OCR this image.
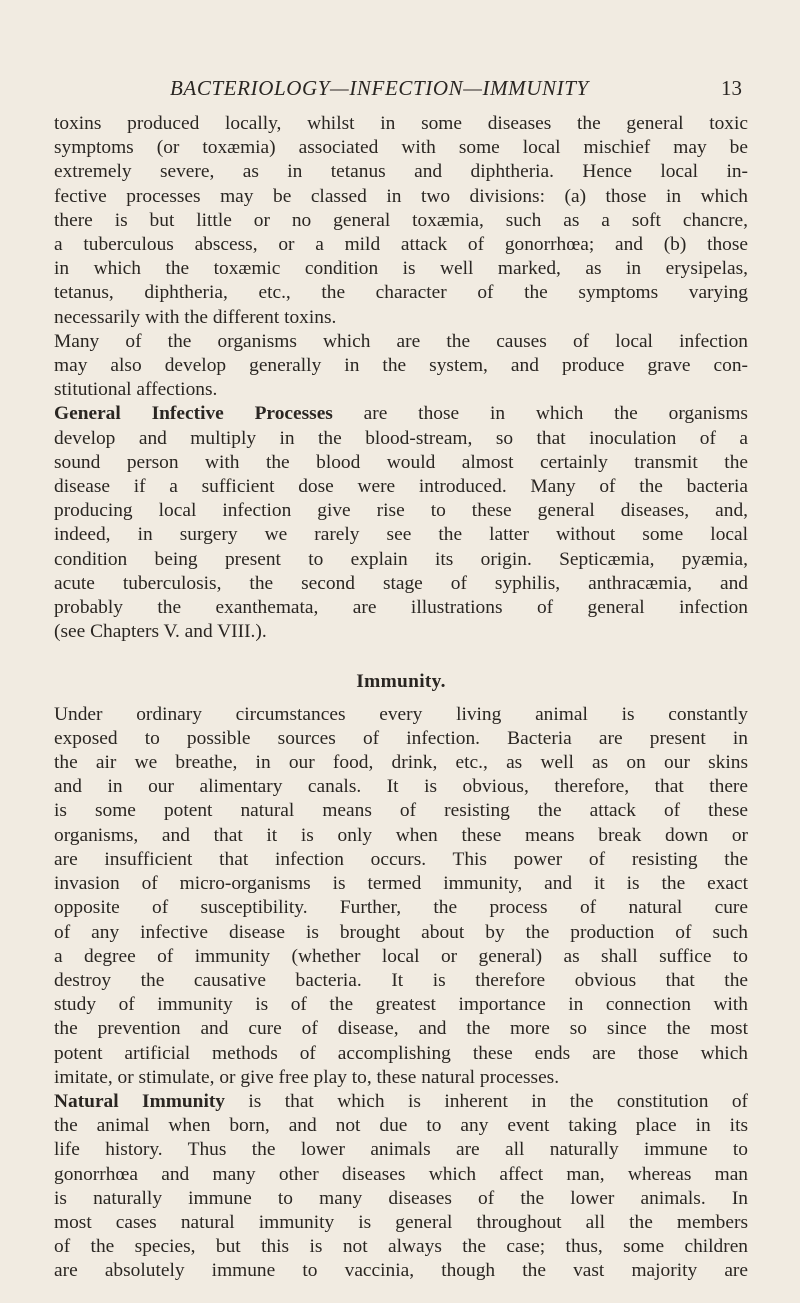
BACTERIOLOGY—INFECTION—IMMUNITY	13
toxins produced locally, whilst in some diseases the general toxic
symptoms (or toxæmia) associated with some local mischief may be
extremely severe, as in tetanus and diphtheria. Hence local in-
fective processes may be classed in two divisions: (a) those in which
there is but little or no general toxæmia, such as a soft chancre,
a tuberculous abscess, or a mild attack of gonorrhœa; and (b) those
in which the toxæmic condition is well marked, as in erysipelas,
tetanus, diphtheria, etc., the character of the symptoms varying
necessarily with the different toxins.
Many of the organisms which are the causes of local infection
may also develop generally in the system, and produce grave con-
stitutional affections.
General Infective Processes are those in which the organisms
develop and multiply in the blood-stream, so that inoculation of a
sound person with the blood would almost certainly transmit the
disease if a sufficient dose were introduced. Many of the bacteria
producing local infection give rise to these general diseases, and,
indeed, in surgery we rarely see the latter without some local
condition being present to explain its origin. Septicæmia, pyæmia,
acute tuberculosis, the second stage of syphilis, anthracæmia, and
probably the exanthemata, are illustrations of general infection
(see Chapters V. and VIII.).
Immunity.
Under ordinary circumstances every living animal is constantly
exposed to possible sources of infection. Bacteria are present in
the air we breathe, in our food, drink, etc., as well as on our skins
and in our alimentary canals. It is obvious, therefore, that there
is some potent natural means of resisting the attack of these
organisms, and that it is only when these means break down or
are insufficient that infection occurs. This power of resisting the
invasion of micro-organisms is termed immunity, and it is the exact
opposite of susceptibility. Further, the process of natural cure
of any infective disease is brought about by the production of such
a degree of immunity (whether local or general) as shall suffice to
destroy the causative bacteria. It is therefore obvious that the
study of immunity is of the greatest importance in connection with
the prevention and cure of disease, and the more so since the most
potent artificial methods of accomplishing these ends are those which
imitate, or stimulate, or give free play to, these natural processes.
Natural Immunity is that which is inherent in the constitution of
the animal when born, and not due to any event taking place in its
life history. Thus the lower animals are all naturally immune to
gonorrhœa and many other diseases which affect man, whereas man
is naturally immune to many diseases of the lower animals. In
most cases natural immunity is general throughout all the members
of the species, but this is not always the case; thus, some children
are absolutely immune to vaccinia, though the vast majority are
